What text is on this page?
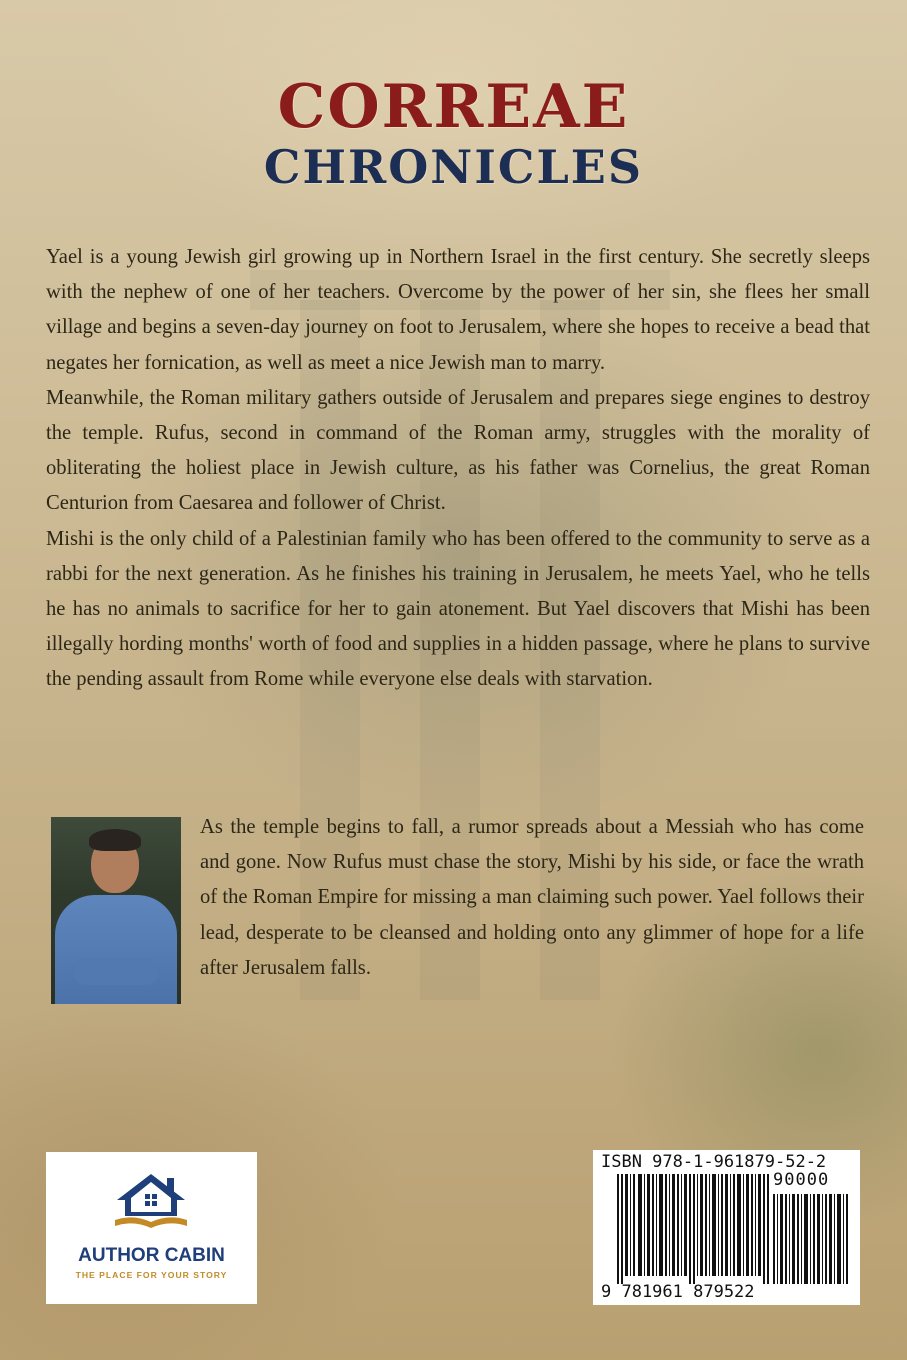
CORREAE
CHRONICLES

Yael is a young Jewish girl growing up in Northern Israel in the first century. She secretly sleeps with the nephew of one of her teachers. Overcome by the power of her sin, she flees her small village and begins a seven-day journey on foot to Jerusalem, where she hopes to receive a bead that negates her fornication, as well as meet a nice Jewish man to marry.

Meanwhile, the Roman military gathers outside of Jerusalem and prepares siege engines to destroy the temple. Rufus, second in command of the Roman army, struggles with the morality of obliterating the holiest place in Jewish culture, as his father was Cornelius, the great Roman Centurion from Caesarea and follower of Christ.

Mishi is the only child of a Palestinian family who has been offered to the community to serve as a rabbi for the next generation. As he finishes his training in Jerusalem, he meets Yael, who he tells he has no animals to sacrifice for her to gain atonement. But Yael discovers that Mishi has been illegally hording months' worth of food and supplies in a hidden passage, where he plans to survive the pending assault from Rome while everyone else deals with starvation.

As the temple begins to fall, a rumor spreads about a Messiah who has come and gone. Now Rufus must chase the story, Mishi by his side, or face the wrath of the Roman Empire for missing a man claiming such power. Yael follows their lead, desperate to be cleansed and holding onto any glimmer of hope for a life after Jerusalem falls.

AUTHOR CABIN
THE PLACE FOR YOUR STORY
ISBN 978-1-961879-52-2
90000
9 781961 879522
